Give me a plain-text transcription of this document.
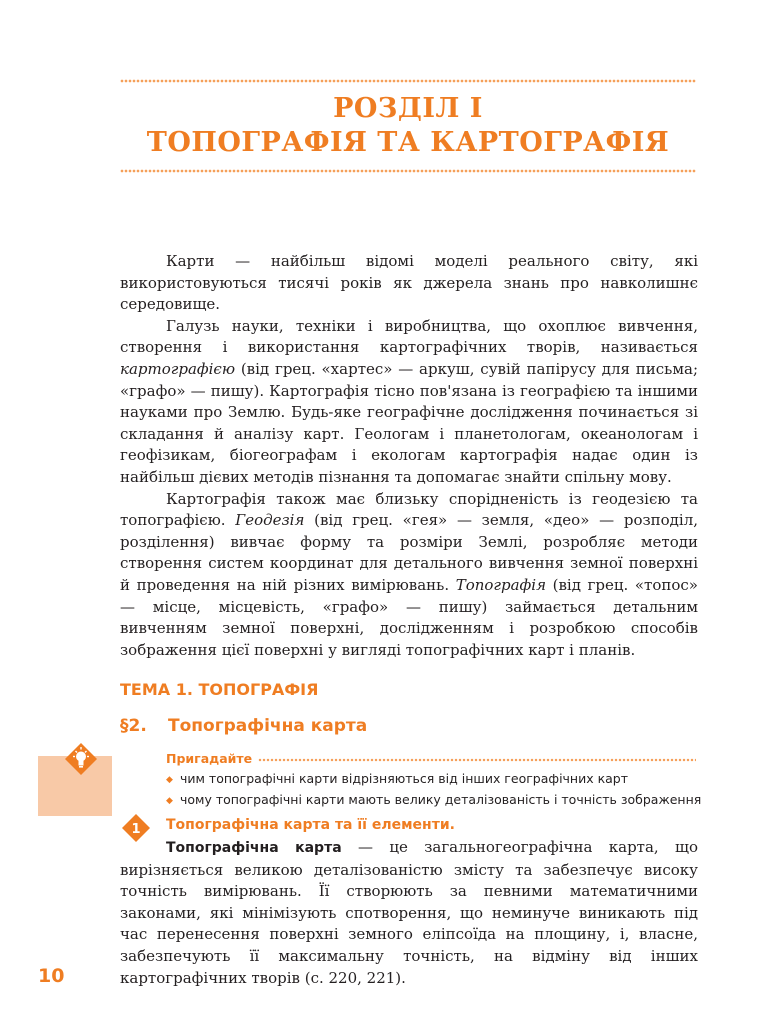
РОЗДІЛ І
ТОПОГРАФІЯ ТА КАРТОГРАФІЯ

Карти — найбільш відомі моделі реального світу, які використовуються тисячі років як джерела знань про навколишнє середовище.

Галузь науки, техніки і виробництва, що охоплює вивчення, створення і використання картографічних творів, називається картографією (від грец. «хартес» — аркуш, сувій папірусу для письма; «графо» — пишу). Картографія тісно пов'язана із географією та іншими науками про Землю. Будь-яке географічне дослідження починається зі складання й аналізу карт. Геологам і планетологам, океанологам і геофізикам, біогеографам і екологам картографія надає один із найбільш дієвих методів пізнання та допомагає знайти спільну мову.

Картографія також має близьку спорідненість із геодезією та топографією. Геодезія (від грец. «гея» — земля, «део» — розподіл, розділення) вивчає форму та розміри Землі, розробляє методи створення систем координат для детального вивчення земної поверхні й проведення на ній різних вимірювань. Топографія (від грец. «топос» — місце, місцевість, «графо» — пишу) займається детальним вивченням земної поверхні, дослідженням і розробкою способів зображення цієї поверхні у вигляді топографічних карт і планів.

ТЕМА 1. ТОПОГРАФІЯ
§2. Топографічна карта
Пригадайте
◆ чим топографічні карти відрізняються від інших географічних карт
◆ чому топографічні карти мають велику деталізованість і точність зображення
1 Топографічна карта та її елементи.

Топографічна карта — це загальногеографічна карта, що вирізняється великою деталізованістю змісту та забезпечує високу точність вимірювань. Її створюють за певними математичними законами, які мінімізують спотворення, що неминуче виникають під час перенесення поверхні земного еліпсоїда на площину, і, власне, забезпечують її максимальну точність, на відміну від інших картографічних творів (с. 220, 221).

10
